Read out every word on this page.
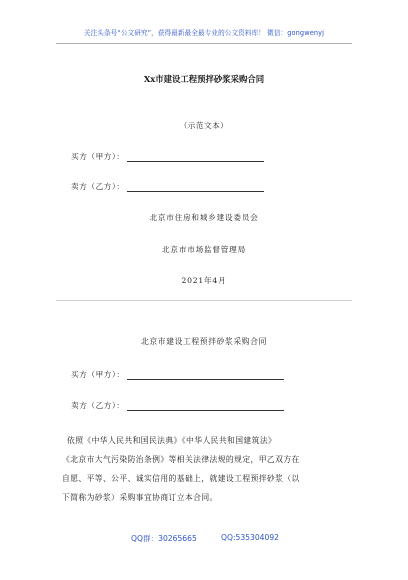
关注头条号“公文研究”，获得最新最全最专业的公文资料库！ 微信：gongwenyj
Xx市建设工程预拌砂浆采购合同
（示范文本）
买方（甲方）：
卖方（乙方）：
北京市住房和城乡建设委员会
北京市市场监督管理局
2021年4月
北京市建设工程预拌砂浆采购合同
买方（甲方）：
卖方（乙方）：
依照《中华人民共和国民法典》《中华人民共和国建筑法》
《北京市大气污染防治条例》等相关法律法规的规定，甲乙双方在
自愿、平等、公平、诚实信用的基础上，就建设工程预拌砂浆（以
下简称为砂浆）采购事宜协商订立本合同。
QQ群：30265665	QQ:535304092
